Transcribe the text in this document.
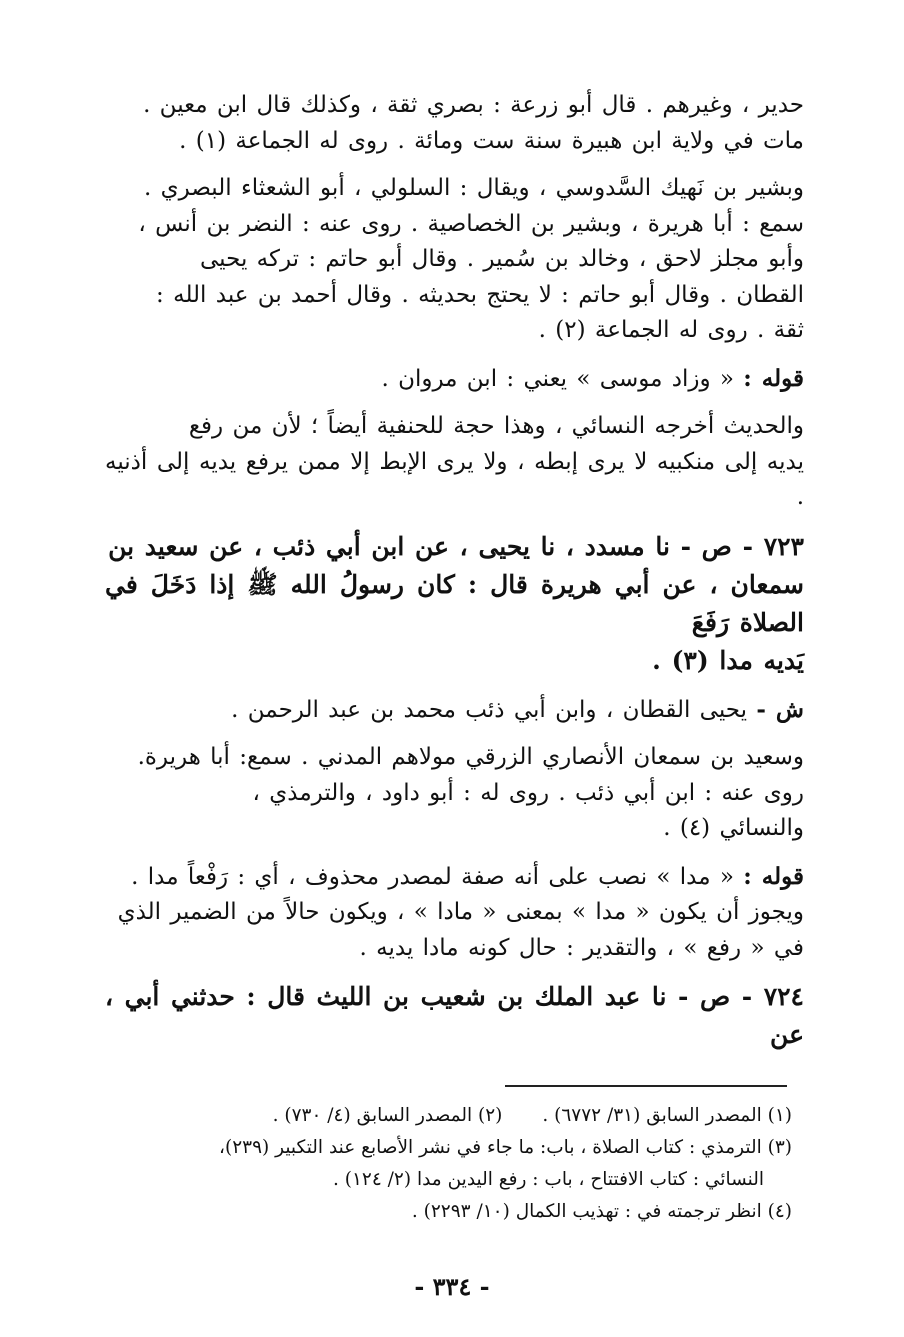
حدير ، وغيرهم . قال أبو زرعة : بصري ثقة ، وكذلك قال ابن معين .

مات في ولاية ابن هبيرة سنة ست ومائة . روى له الجماعة (١) .

وبشير بن نَهيك السَّدوسي ، ويقال : السلولي ، أبو الشعثاء البصري .

سمع : أبا هريرة ، وبشير بن الخصاصية . روى عنه : النضر بن أنس ،

وأبو مجلز لاحق ، وخالد بن سُمير . وقال أبو حاتم : تركه يحيى

القطان . وقال أبو حاتم : لا يحتج بحديثه . وقال أحمد بن عبد الله :

ثقة . روى له الجماعة (٢) .

قوله : « وزاد موسى » يعني : ابن مروان .

والحديث أخرجه النسائي ، وهذا حجة للحنفية أيضاً ؛ لأن من رفع

يديه إلى منكبيه لا يرى إبطه ، ولا يرى الإبط إلا ممن يرفع يديه إلى أذنيه .

٧٢٣ - ص - نا مسدد ، نا يحيى ، عن ابن أبي ذئب ، عن سعيد بن

سمعان ، عن أبي هريرة قال : كان رسولُ الله ﷺ إذا دَخَلَ في الصلاة رَفَعَ

يَديه مدا (٣) .

ش - يحيى القطان ، وابن أبي ذئب محمد بن عبد الرحمن .

وسعيد بن سمعان الأنصاري الزرقي مولاهم المدني . سمع: أبا هريرة.

روى عنه : ابن أبي ذئب . روى له : أبو داود ، والترمذي ،

والنسائي (٤) .

قوله : « مدا » نصب على أنه صفة لمصدر محذوف ، أي : رَفْعاً مدا .

ويجوز أن يكون « مدا » بمعنى « مادا » ، ويكون حالاً من الضمير الذي

في « رفع » ، والتقدير : حال كونه مادا يديه .

٧٢٤ - ص - نا عبد الملك بن شعيب بن الليث قال : حدثني أبي ، عن

(١) المصدر السابق (٣١/ ٦٧٧٢) .

(٢) المصدر السابق (٤/ ٧٣٠) .

(٣) الترمذي : كتاب الصلاة ، باب: ما جاء في نشر الأصابع عند التكبير (٢٣٩)،

النسائي : كتاب الافتتاح ، باب : رفع اليدين مدا (٢/ ١٢٤) .

(٤) انظر ترجمته في : تهذيب الكمال (١٠/ ٢٢٩٣) .

- ٣٣٤ -
